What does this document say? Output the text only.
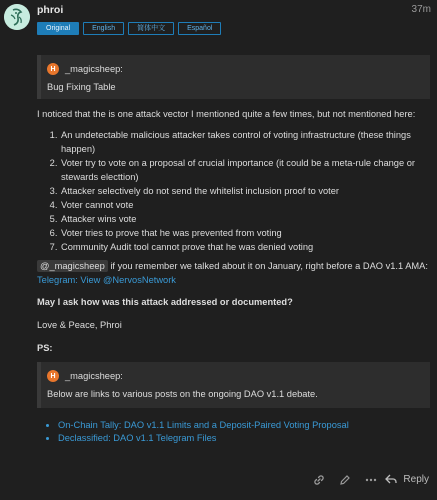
phroi	37m
Original	English	简体中文	Español
H	_magicsheep:
Bug Fixing Table
I noticed that the is one attack vector I mentioned quite a few times, but not mentioned here:
1. An undetectable malicious attacker takes control of voting infrastructure (these things happen)
2. Voter try to vote on a proposal of crucial importance (it could be a meta-rule change or stewards electtion)
3. Attacker selectively do not send the whitelist inclusion proof to voter
4. Voter cannot vote
5. Attacker wins vote
6. Voter tries to prove that he was prevented from voting
7. Community Audit tool cannot prove that he was denied voting
@_magicsheep if you remember we talked about it on January, right before a DAO v1.1 AMA:
Telegram: View @NervosNetwork
May I ask how was this attack addressed or documented?
Love & Peace, Phroi
PS:
H	_magicsheep:
Below are links to various posts on the ongoing DAO v1.1 debate.
• On-Chain Tally: DAO v1.1 Limits and a Deposit-Paired Voting Proposal
• Declassified: DAO v1.1 Telegram Files
Reply
